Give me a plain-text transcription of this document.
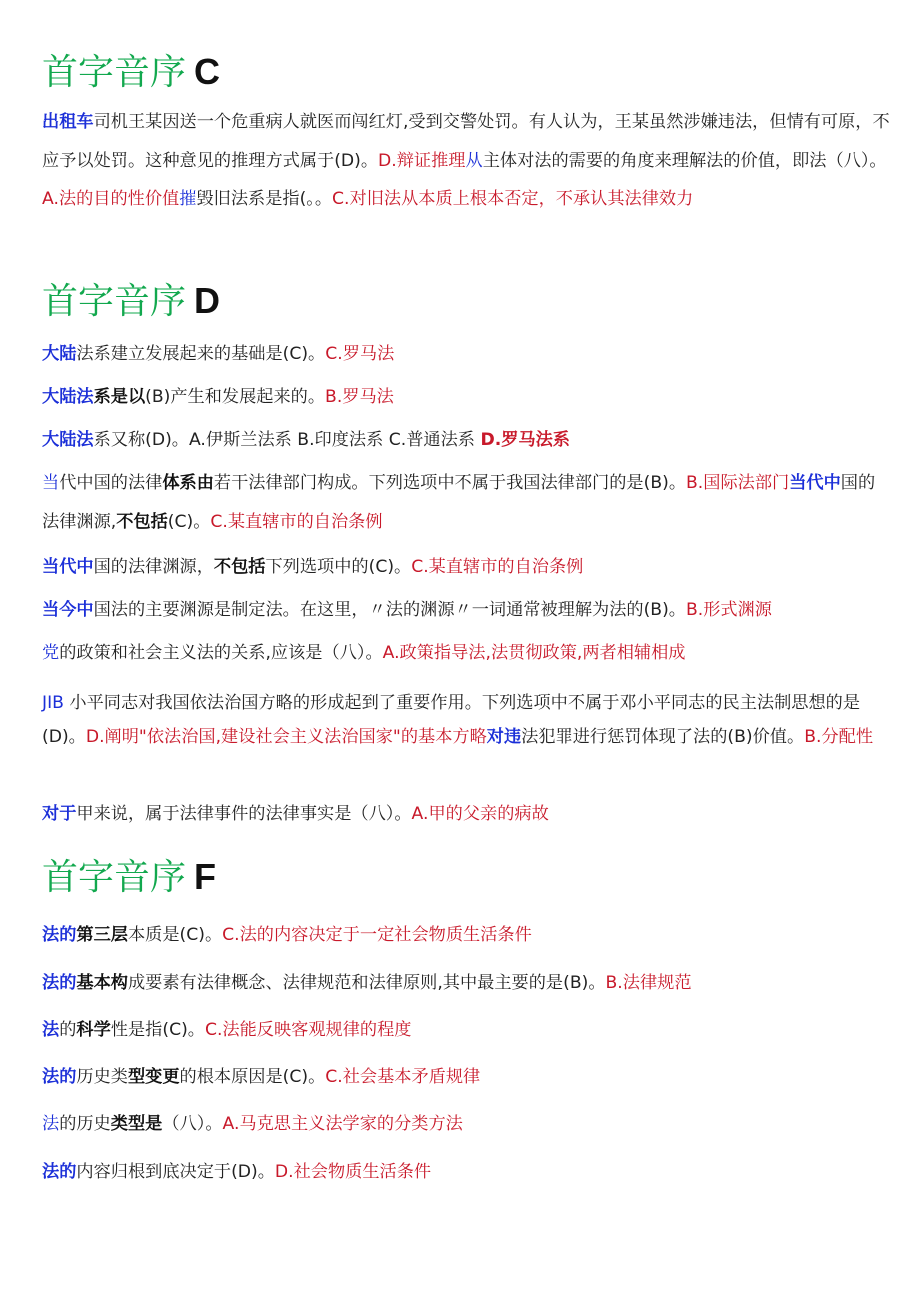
首字音序 C

出租车司机王某因送一个危重病人就医而闯红灯,受到交警处罚。有人认为，王某虽然涉嫌违法，但情有可原，不应予以处罚。这种意见的推理方式属于(D)。D.辩证推理从主体对法的需要的角度来理解法的价值，即法（八）。A.法的目的性价值摧毁旧法系是指(。。C.对旧法从本质上根本否定，不承认其法律效力

首字音序 D

大陆法系建立发展起来的基础是(C)。C.罗马法

大陆法系是以(B)产生和发展起来的。B.罗马法

大陆法系又称(D)。A.伊斯兰法系 B.印度法系 C.普通法系 D.罗马法系

当代中国的法律体系由若干法律部门构成。下列选项中不属于我国法律部门的是(B)。B.国际法部门当代中国的法律渊源,不包括(C)。C.某直辖市的自治条例

当代中国的法律渊源，不包括下列选项中的(C)。C.某直辖市的自治条例

当今中国法的主要渊源是制定法。在这里，〃法的渊源〃一词通常被理解为法的(B)。B.形式渊源

党的政策和社会主义法的关系,应该是（八）。A.政策指导法,法贯彻政策,两者相辅相成

JIB 小平同志对我国依法治国方略的形成起到了重要作用。下列选项中不属于邓小平同志的民主法制思想的是(D)。D.阐明"依法治国,建设社会主义法治国家"的基本方略对违法犯罪进行惩罚体现了法的(B)价值。B.分配性

对于甲来说，属于法律事件的法律事实是（八）。A.甲的父亲的病故

首字音序 F

法的第三层本质是(C)。C.法的内容决定于一定社会物质生活条件

法的基本构成要素有法律概念、法律规范和法律原则,其中最主要的是(B)。B.法律规范

法的科学性是指(C)。C.法能反映客观规律的程度

法的历史类型变更的根本原因是(C)。C.社会基本矛盾规律

法的历史类型是（八）。A.马克思主义法学家的分类方法

法的内容归根到底决定于(D)。D.社会物质生活条件
